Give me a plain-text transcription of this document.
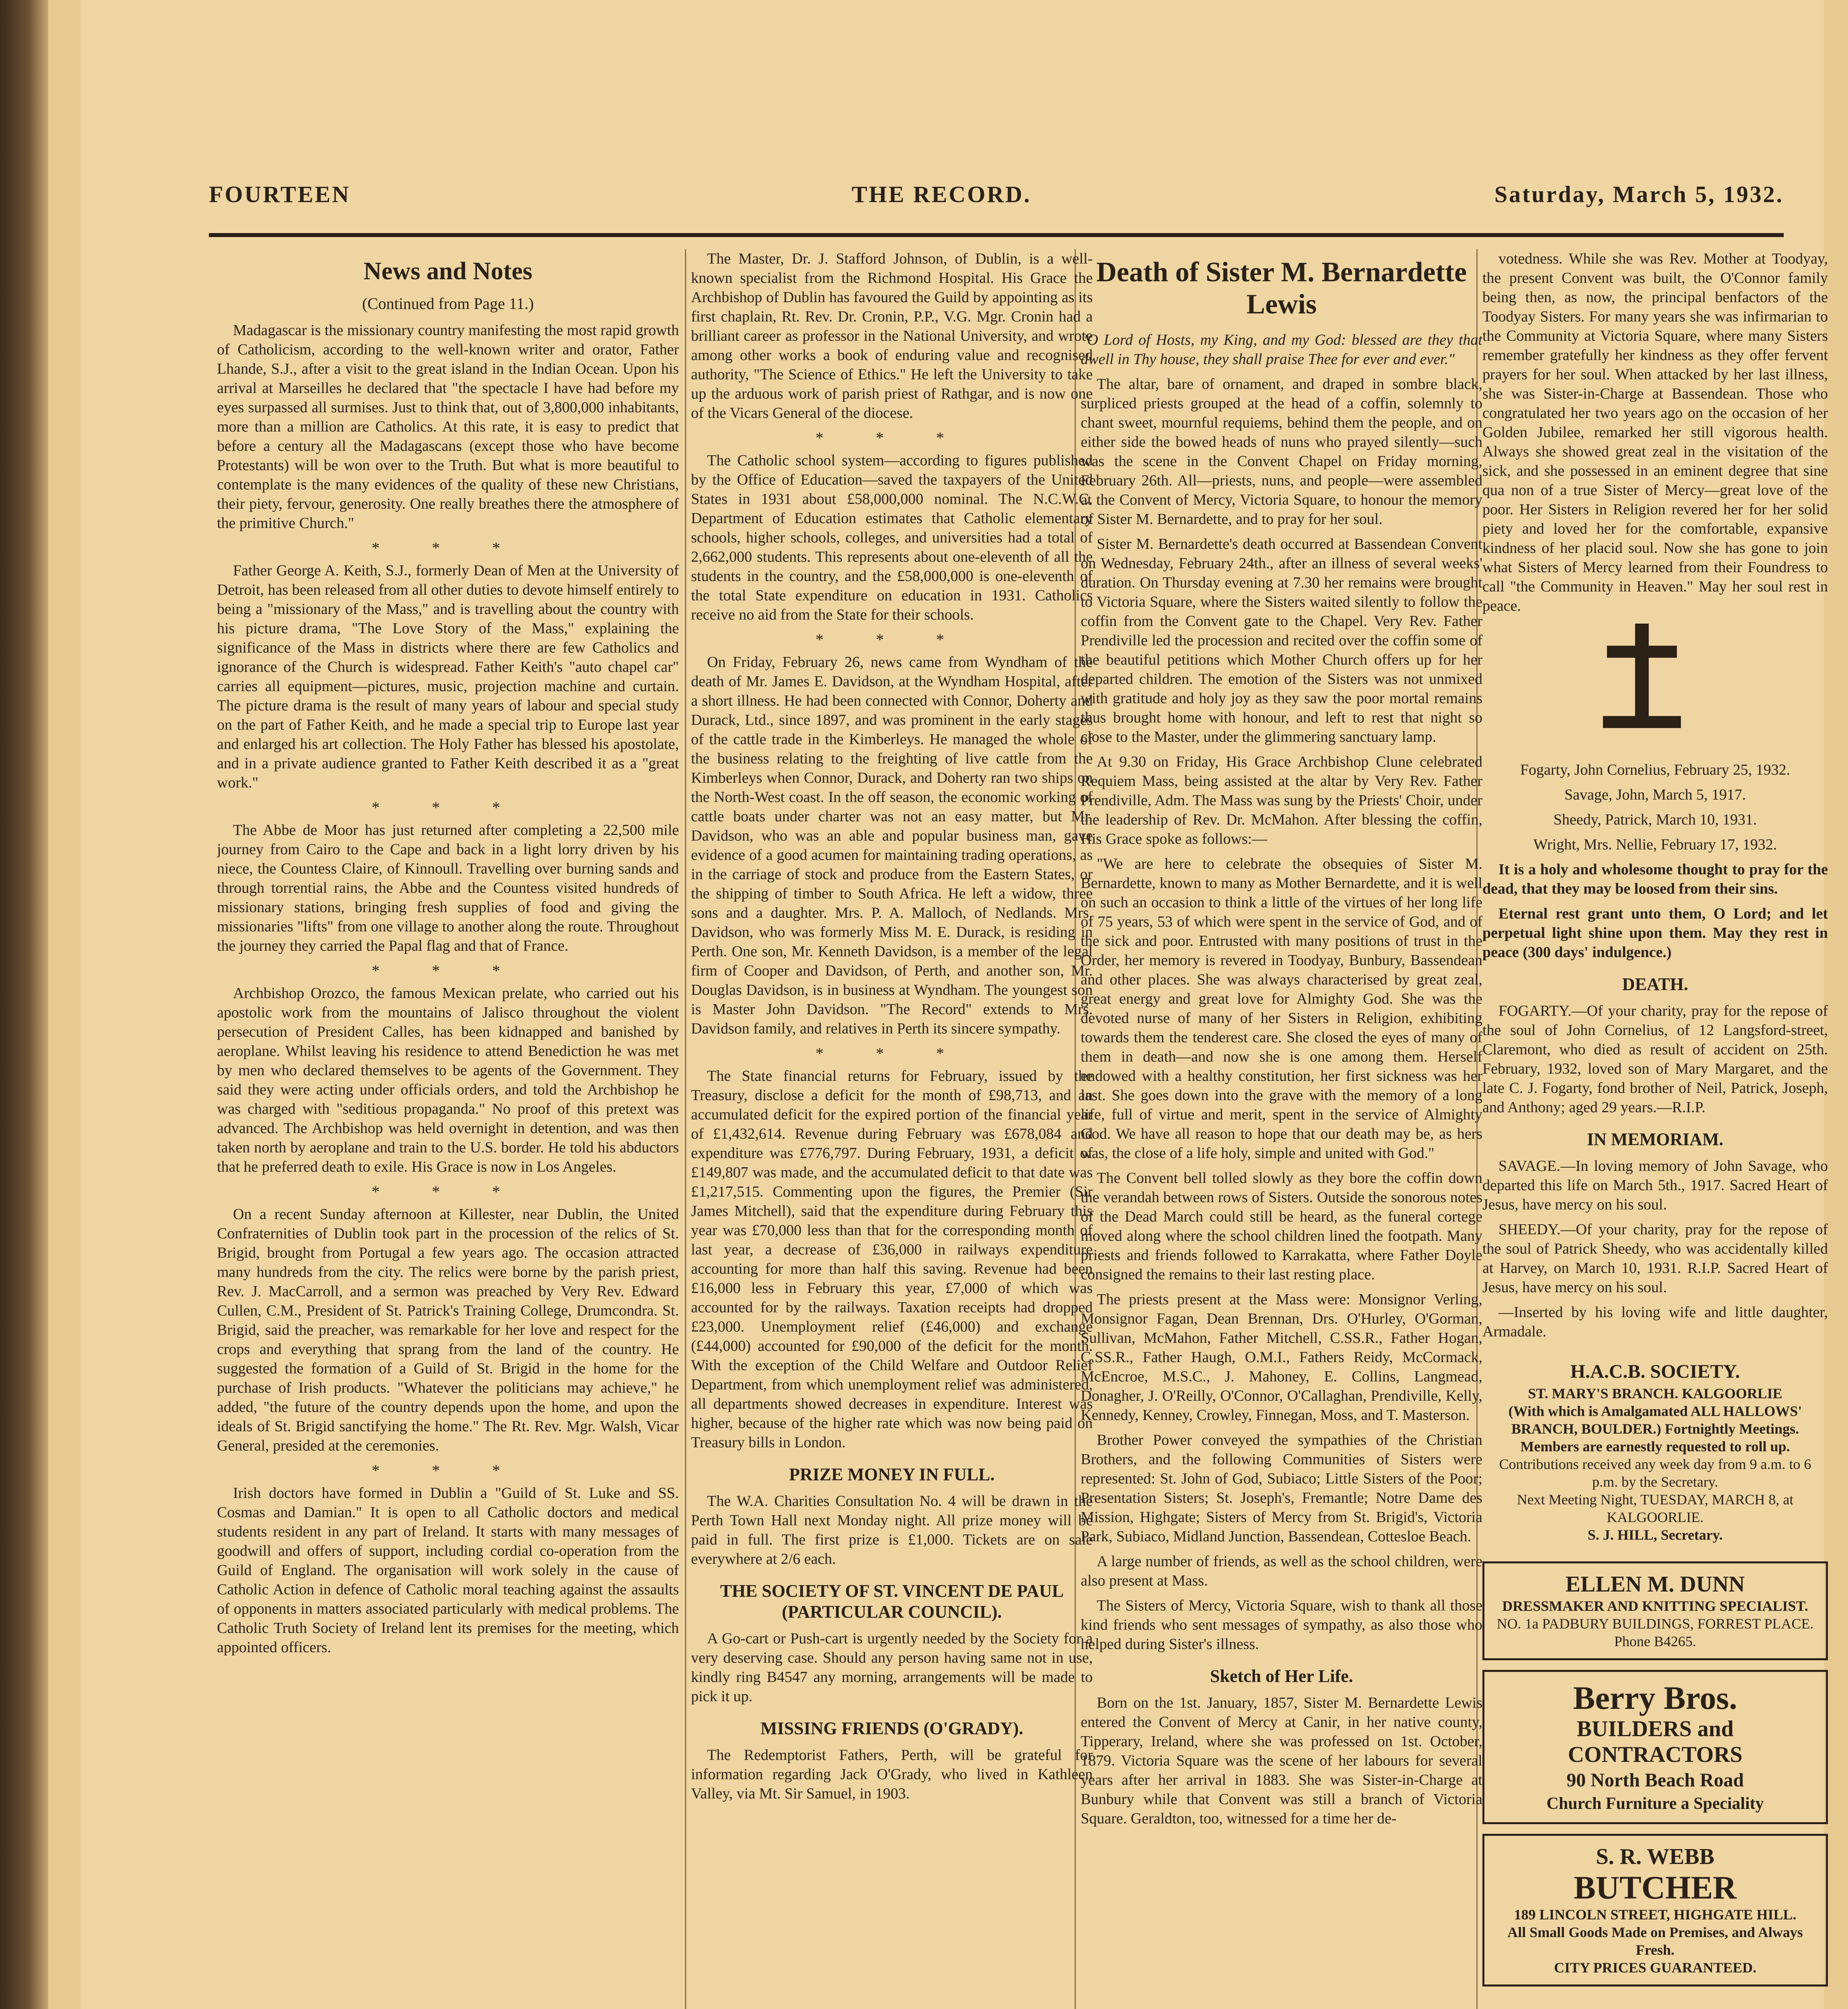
FOURTEEN	THE RECORD.	Saturday, March 5, 1932.
News and Notes
(Continued from Page 11.)

Madagascar is the missionary country manifesting the most rapid growth of Catholicism, according to the well-known writer and orator, Father Lhande, S.J., after a visit to the great island in the Indian Ocean. Upon his arrival at Marseilles he declared that "the spectacle I have had before my eyes surpassed all surmises. Just to think that, out of 3,800,000 inhabitants, more than a million are Catholics. At this rate, it is easy to predict that before a century all the Madagascans (except those who have become Protestants) will be won over to the Truth. But what is more beautiful to contemplate is the many evidences of the quality of these new Christians, their piety, fervour, generosity. One really breathes there the atmosphere of the primitive Church."

* * *

Father George A. Keith, S.J., formerly Dean of Men at the University of Detroit, has been released from all other duties to devote himself entirely to being a "missionary of the Mass," and is travelling about the country with his picture drama, "The Love Story of the Mass," explaining the significance of the Mass in districts where there are few Catholics and ignorance of the Church is widespread. Father Keith's "auto chapel car" carries all equipment—pictures, music, projection machine and curtain. The picture drama is the result of many years of labour and special study on the part of Father Keith, and he made a special trip to Europe last year and enlarged his art collection. The Holy Father has blessed his apostolate, and in a private audience granted to Father Keith described it as a "great work."

* * *

The Abbe de Moor has just returned after completing a 22,500 mile journey from Cairo to the Cape and back in a light lorry driven by his niece, the Countess Claire, of Kinnoull. Travelling over burning sands and through torrential rains, the Abbe and the Countess visited hundreds of missionary stations, bringing fresh supplies of food and giving the missionaries "lifts" from one village to another along the route. Throughout the journey they carried the Papal flag and that of France.

* * *

Archbishop Orozco, the famous Mexican prelate, who carried out his apostolic work from the mountains of Jalisco throughout the violent persecution of President Calles, has been kidnapped and banished by aeroplane. Whilst leaving his residence to attend Benediction he was met by men who declared themselves to be agents of the Government. They said they were acting under officials orders, and told the Archbishop he was charged with "seditious propaganda." No proof of this pretext was advanced. The Archbishop was held overnight in detention, and was then taken north by aeroplane and train to the U.S. border. He told his abductors that he preferred death to exile. His Grace is now in Los Angeles.

* * *

On a recent Sunday afternoon at Killester, near Dublin, the United Confraternities of Dublin took part in the procession of the relics of St. Brigid, brought from Portugal a few years ago. The occasion attracted many hundreds from the city. The relics were borne by the parish priest, Rev. J. MacCarroll, and a sermon was preached by Very Rev. Edward Cullen, C.M., President of St. Patrick's Training College, Drumcondra. St. Brigid, said the preacher, was remarkable for her love and respect for the crops and everything that sprang from the land of the country. He suggested the formation of a Guild of St. Brigid in the home for the purchase of Irish products. "Whatever the politicians may achieve," he added, "the future of the country depends upon the home, and upon the ideals of St. Brigid sanctifying the home." The Rt. Rev. Mgr. Walsh, Vicar General, presided at the ceremonies.

* * *

Irish doctors have formed in Dublin a "Guild of St. Luke and SS. Cosmas and Damian." It is open to all Catholic doctors and medical students resident in any part of Ireland. It starts with many messages of goodwill and offers of support, including cordial co-operation from the Guild of England. The organisation will work solely in the cause of Catholic Action in defence of Catholic moral teaching against the assaults of opponents in matters associated particularly with medical problems. The Catholic Truth Society of Ireland lent its premises for the meeting, which appointed officers.

The Master, Dr. J. Stafford Johnson, of Dublin, is a well-known specialist from the Richmond Hospital. His Grace the Archbishop of Dublin has favoured the Guild by appointing as its first chaplain, Rt. Rev. Dr. Cronin, P.P., V.G. Mgr. Cronin had a brilliant career as professor in the National University, and wrote among other works a book of enduring value and recognised authority, "The Science of Ethics." He left the University to take up the arduous work of parish priest of Rathgar, and is now one of the Vicars General of the diocese.

* * *

The Catholic school system—according to figures published by the Office of Education—saved the taxpayers of the United States in 1931 about £58,000,000 nominal. The N.C.W.C. Department of Education estimates that Catholic elementary schools, higher schools, colleges, and universities had a total of 2,662,000 students. This represents about one-eleventh of all the students in the country, and the £58,000,000 is one-eleventh of the total State expenditure on education in 1931. Catholics receive no aid from the State for their schools.

* * *

On Friday, February 26, news came from Wyndham of the death of Mr. James E. Davidson, at the Wyndham Hospital, after a short illness. He had been connected with Connor, Doherty and Durack, Ltd., since 1897, and was prominent in the early stages of the cattle trade in the Kimberleys. He managed the whole of the business relating to the freighting of live cattle from the Kimberleys when Connor, Durack, and Doherty ran two ships on the North-West coast. In the off season, the economic working of cattle boats under charter was not an easy matter, but Mr. Davidson, who was an able and popular business man, gave evidence of a good acumen for maintaining trading operations, as in the carriage of stock and produce from the Eastern States, or the shipping of timber to South Africa. He left a widow, three sons and a daughter. Mrs. P. A. Malloch, of Nedlands. Mrs. Davidson, who was formerly Miss M. E. Durack, is residing in Perth. One son, Mr. Kenneth Davidson, is a member of the legal firm of Cooper and Davidson, of Perth, and another son, Mr. Douglas Davidson, is in business at Wyndham. The youngest son is Master John Davidson. "The Record" extends to Mrs. Davidson family, and relatives in Perth its sincere sympathy.

* * *

The State financial returns for February, issued by the Treasury, disclose a deficit for the month of £98,713, and an accumulated deficit for the expired portion of the financial year of £1,432,614. Revenue during February was £678,084 and expenditure was £776,797. During February, 1931, a deficit of £149,807 was made, and the accumulated deficit to that date was £1,217,515. Commenting upon the figures, the Premier (Sir James Mitchell), said that the expenditure during February this year was £70,000 less than that for the corresponding month of last year, a decrease of £36,000 in railways expenditure accounting for more than half this saving. Revenue had been £16,000 less in February this year, £7,000 of which was accounted for by the railways. Taxation receipts had dropped £23,000. Unemployment relief (£46,000) and exchange (£44,000) accounted for £90,000 of the deficit for the month. With the exception of the Child Welfare and Outdoor Relief Department, from which unemployment relief was administered, all departments showed decreases in expenditure. Interest was higher, because of the higher rate which was now being paid on Treasury bills in London.

PRIZE MONEY IN FULL.

The W.A. Charities Consultation No. 4 will be drawn in the Perth Town Hall next Monday night. All prize money will be paid in full. The first prize is £1,000. Tickets are on sale everywhere at 2/6 each.

THE SOCIETY OF ST. VINCENT DE PAUL (PARTICULAR COUNCIL).

A Go-cart or Push-cart is urgently needed by the Society for a very deserving case. Should any person having same not in use, kindly ring B4547 any morning, arrangements will be made to pick it up.

MISSING FRIENDS (O'GRADY).

The Redemptorist Fathers, Perth, will be grateful for information regarding Jack O'Grady, who lived in Kathleen Valley, via Mt. Sir Samuel, in 1903.

Death of Sister M. Bernardette Lewis

"O Lord of Hosts, my King, and my God: blessed are they that dwell in Thy house, they shall praise Thee for ever and ever."

The altar, bare of ornament, and draped in sombre black, surpliced priests grouped at the head of a coffin, solemnly to chant sweet, mournful requiems, behind them the people, and on either side the bowed heads of nuns who prayed silently—such was the scene in the Convent Chapel on Friday morning, February 26th. All—priests, nuns, and people—were assembled at the Convent of Mercy, Victoria Square, to honour the memory of Sister M. Bernardette, and to pray for her soul.

Sister M. Bernardette's death occurred at Bassendean Convent on Wednesday, February 24th., after an illness of several weeks' duration. On Thursday evening at 7.30 her remains were brought to Victoria Square, where the Sisters waited silently to follow the coffin from the Convent gate to the Chapel. Very Rev. Father Prendiville led the procession and recited over the coffin some of the beautiful petitions which Mother Church offers up for her departed children. The emotion of the Sisters was not unmixed with gratitude and holy joy as they saw the poor mortal remains thus brought home with honour, and left to rest that night so close to the Master, under the glimmering sanctuary lamp.

At 9.30 on Friday, His Grace Archbishop Clune celebrated Requiem Mass, being assisted at the altar by Very Rev. Father Prendiville, Adm. The Mass was sung by the Priests' Choir, under the leadership of Rev. Dr. McMahon. After blessing the coffin, His Grace spoke as follows:—

"We are here to celebrate the obsequies of Sister M. Bernardette, known to many as Mother Bernardette, and it is well on such an occasion to think a little of the virtues of her long life of 75 years, 53 of which were spent in the service of God, and of the sick and poor. Entrusted with many positions of trust in the Order, her memory is revered in Toodyay, Bunbury, Bassendean and other places. She was always characterised by great zeal, great energy and great love for Almighty God. She was the devoted nurse of many of her Sisters in Religion, exhibiting towards them the tenderest care. She closed the eyes of many of them in death—and now she is one among them. Herself endowed with a healthy constitution, her first sickness was her last. She goes down into the grave with the memory of a long life, full of virtue and merit, spent in the service of Almighty God. We have all reason to hope that our death may be, as hers was, the close of a life holy, simple and united with God."

The Convent bell tolled slowly as they bore the coffin down the verandah between rows of Sisters. Outside the sonorous notes of the Dead March could still be heard, as the funeral cortege moved along where the school children lined the footpath. Many priests and friends followed to Karrakatta, where Father Doyle consigned the remains to their last resting place.

The priests present at the Mass were: Monsignor Verling, Monsignor Fagan, Dean Brennan, Drs. O'Hurley, O'Gorman, Sullivan, McMahon, Father Mitchell, C.SS.R., Father Hogan, C.SS.R., Father Haugh, O.M.I., Fathers Reidy, McCormack, McEncroe, M.S.C., J. Mahoney, E. Collins, Langmead, Donagher, J. O'Reilly, O'Connor, O'Callaghan, Prendiville, Kelly, Kennedy, Kenney, Crowley, Finnegan, Moss, and T. Masterson.

Brother Power conveyed the sympathies of the Christian Brothers, and the following Communities of Sisters were represented: St. John of God, Subiaco; Little Sisters of the Poor; Presentation Sisters; St. Joseph's, Fremantle; Notre Dame des Mission, Highgate; Sisters of Mercy from St. Brigid's, Victoria Park, Subiaco, Midland Junction, Bassendean, Cottesloe Beach.

A large number of friends, as well as the school children, were also present at Mass.

The Sisters of Mercy, Victoria Square, wish to thank all those kind friends who sent messages of sympathy, as also those who helped during Sister's illness.

Sketch of Her Life.

Born on the 1st. January, 1857, Sister M. Bernardette Lewis entered the Convent of Mercy at Canir, in her native county, Tipperary, Ireland, where she was professed on 1st. October, 1879. Victoria Square was the scene of her labours for several years after her arrival in 1883. She was Sister-in-Charge at Bunbury while that Convent was still a branch of Victoria Square. Geraldton, too, witnessed for a time her de-

votedness. While she was Rev. Mother at Toodyay, the present Convent was built, the O'Connor family being then, as now, the principal benfactors of the Toodyay Sisters. For many years she was infirmarian to the Community at Victoria Square, where many Sisters remember gratefully her kindness as they offer fervent prayers for her soul. When attacked by her last illness, she was Sister-in-Charge at Bassendean. Those who congratulated her two years ago on the occasion of her Golden Jubilee, remarked her still vigorous health. Always she showed great zeal in the visitation of the sick, and she possessed in an eminent degree that sine qua non of a true Sister of Mercy—great love of the poor. Her Sisters in Religion revered her for her solid piety and loved her for the comfortable, expansive kindness of her placid soul. Now she has gone to join what Sisters of Mercy learned from their Foundress to call "the Community in Heaven." May her soul rest in peace.

Fogarty, John Cornelius, February 25, 1932.

Savage, John, March 5, 1917.

Sheedy, Patrick, March 10, 1931.

Wright, Mrs. Nellie, February 17, 1932.

It is a holy and wholesome thought to pray for the dead, that they may be loosed from their sins.

Eternal rest grant unto them, O Lord; and let perpetual light shine upon them. May they rest in peace (300 days' indulgence.)

DEATH.

FOGARTY.—Of your charity, pray for the repose of the soul of John Cornelius, of 12 Langsford-street, Claremont, who died as result of accident on 25th. February, 1932, loved son of Mary Margaret, and the late C. J. Fogarty, fond brother of Neil, Patrick, Joseph, and Anthony; aged 29 years.—R.I.P.

IN MEMORIAM.

SAVAGE.—In loving memory of John Savage, who departed this life on March 5th., 1917. Sacred Heart of Jesus, have mercy on his soul.

SHEEDY.—Of your charity, pray for the repose of the soul of Patrick Sheedy, who was accidentally killed at Harvey, on March 10, 1931. R.I.P. Sacred Heart of Jesus, have mercy on his soul.

—Inserted by his loving wife and little daughter, Armadale.

H.A.C.B. SOCIETY.
ST. MARY'S BRANCH. KALGOORLIE
(With which is Amalgamated ALL HALLOWS' BRANCH, BOULDER.) Fortnightly Meetings.
Members are earnestly requested to roll up.
Contributions received any week day from 9 a.m. to 6 p.m. by the Secretary.
Next Meeting Night, TUESDAY, MARCH 8, at KALGOORLIE.
S. J. HILL, Secretary.
ELLEN M. DUNN
DRESSMAKER AND KNITTING SPECIALIST.
NO. 1a PADBURY BUILDINGS, FORREST PLACE.
Phone B4265.
Berry Bros.
BUILDERS and CONTRACTORS
90 North Beach Road
Church Furniture a Speciality
S. R. WEBB
BUTCHER
189 LINCOLN STREET, HIGHGATE HILL.
All Small Goods Made on Premises, and Always Fresh.
CITY PRICES GUARANTEED.
